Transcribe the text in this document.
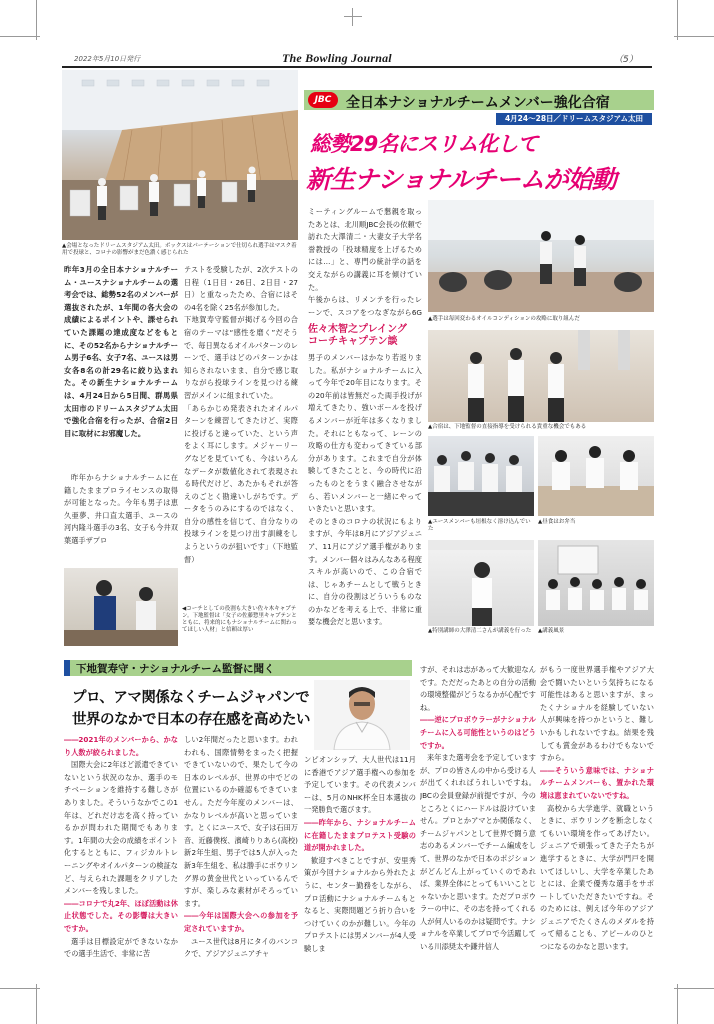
2022年5月10日発行	The Bowling Journal	（5）
▲会場となったドリームスタジアム太田。ボックスはパーテーションで仕切られ選手はマスク着用で投球と、コロナの影響がまだ色濃く感じられた
JBC	全日本ナショナルチームメンバー強化合宿
4月24～28日／ドリームスタジアム太田
総勢29名にスリム化して
新生ナショナルチームが始動
▲選手は毎回変わるオイルコンディションの攻略に取り組んだ
▲合宿は、下地監督の直接指導を受けられる貴重な機会でもある
▲ユースメンバーも垣根なく溶け込んでいた
▲昼食はお弁当
▲特別講師の大澤清二さんが講義を行った	▲講義風景
昨年3月の全日本ナショナルチーム・ユースナショナルチームの選考会では、総勢52名のメンバーが選抜されたが、1年間の各大会の成績によるポイントや、課せられていた課題の達成度などをもとに、その52名からナショナルチーム男子6名、女子7名、ユースは男女各8名の計29名に絞り込まれた。その新生ナショナルチームは、4月24日から5日間、群馬県太田市のドリームスタジアム太田で強化合宿を行ったが、合宿2日目に取材にお邪魔した。

昨年からナショナルチームに在籍したままプロライセンスの取得が可能となった。今年も男子は恵久亜夢、井口直太選手、ユースの河内隆斗選手の3名、女子も今井双葉選手ザプロ

テストを受験したが、2次テストの日程（1日目・26日、2日目・27日）と重なったため、合宿にはその4名を除く25名が参加した。
下地賀寿守監督が掲げる今回の合宿のテーマは“感性を磨く”だそうで、毎日異なるオイルパターンのレーンで、選手はどのパターンかは知らされないまま、自分で感じ取りながら投球ラインを見つける練習がメインに組まれていた。
「あらかじめ発表されたオイルパターンを練習してきたけど、実際に投げると違っていた、という声をよく耳にします。メジャーリーグなどを見ていても、今はいろんなデータが数値化されて表現される時代だけど、あたかもそれが答えのごとく勘違いしがちです。データをうのみにするのではなく、自分の感性を信じて、自分なりの投球ラインを見つけ出す訓練をしようというのが狙いです」（下地監督）
ミーティングルームで懇親を取ったあとは、北川順JBC会長の依頼で訪れた大澤清二・大妻女子大学名誉教授の「投球精度を上げるためには…」と、専門の統計学の話を交えながらの講義に耳を傾けていた。
午後からは、リメンテを行ったレーンで、スコアをつなぎながら6G
佐々木智之プレイング
コーチキャプテン談
男子のメンバーはかなり若返りました。私がナショナルチームに入って今年で20年目になります。その20年前は皆無だった両手投げが増えてきたり、強いボールを投げるメンバーが近年は多くなりました。それにともなって、レーンの攻略の仕方も変わってきている部分があります。これまで自分が体験してきたことと、今の時代に沿ったものとをうまく融合させながら、若いメンバーと一緒にやっていきたいと思います。
そのときのコロナの状況にもよりますが、今年は8月にアジアジュニア、11月にアジア選手権があります。メンバー個々はみんなある程度スキルが高いので、この合宿では、じゃあチームとして戦うときに、自分の役割はどういうものなのかなどを考える上で、非常に重要な機会だと思います。
◀コーチとしての役割も大きい佐々木キャプテン。下地監督は「女子の佐藤惣里キャプテンとともに、将来的にもナショナルチームに関わってほしい人材」と信頼は厚い
下地賀寿守・ナショナルチーム監督に聞く
プロ、アマ関係なくチームジャパンで
世界のなかで日本の存在感を高めたい
――2021年のメンバーから、かなり人数が絞られました。

国際大会に2年ほど派遣できていないという状況のなか、選手のモチベーションを維持する難しさがありました。そういうなかでこの1年は、どれだけ志を高く持っているかが問われた期間でもあります。1年間の大会の成績をポイント化するとともに、フィジカルトレーニングやオイルパターンの検証など、与えられた課題をクリアしたメンバーを残しました。

――コロナで丸2年、ほぼ活動は休止状態でした。その影響は大きいですか。

選手は目標設定ができないなかでの選手生活で、非常に苦

しい2年間だったと思います。われわれも、国際情勢をまったく把握できていないので、果たして今の日本のレベルが、世界の中でどの位置にいるのか確認もできていません。ただ今年度のメンバーは、かなりレベルが高いと思っています。とくにユースで、女子は石田万音、近藤僕桜、濱崎りりあら(高校)新2年生組、男子では5人が入った新3年生組を、私は勝手にボウリング界の黄金世代といっているんですが、楽しみな素材がそろっています。

――今年は国際大会への参加を予定されていますか。

ユース世代は8月にタイのバンコクで、アジアジュニアチャ

ンピオンシップ、大人世代は11月に香港でアジア選手権への参加を予定しています。その代表メンバーは、5月のNHK杯全日本選抜の一発勝負で選びます。

――昨年から、ナショナルチームに在籍したままプロテスト受験の道が開かれました。

歓迎すべきことですが、安里秀策が今回ナショナルから外れたように、センター勤務をしながら、プロ活動にナショナルチームもとなると、実際問題どう折り合いをつけていくのかが難しい。今年のプロテストには男メンバーが4人受験しま

すが、それは志があって大歓迎なんです。ただだったあとの自分の活動の環境整備がどうなるかが心配ですね。

――逆にプロボウラーがナショナルチームに入る可能性というのはどうですか。

来年また選考会を予定していますが、プロの皆さんの中から受ける人が出てくれればうれしいですね。JBCの会員登録が前提ですが、今のところとくにハードルは設けていません。プロとかアマとか関係なく、チームジャパンとして世界で闘う意志のあるメンバーでチーム編成をして、世界のなかで日本のポジションがどんどん上がっていくのであれば、業界全体にとってもいいことじゃないかと思います。ただプロボウラーの中に、その志を持ってくれる人が何人いるのかは疑問です。ナショナルを卒業してプロで今活躍している川添奨太や鎌井信人

がもう一度世界選手権やアジア大会で闘いたいという気持ちになる可能性はあると思いますが、まったくナショナルを経験していない人が興味を持つかというと、難しいかもしれないですね。結果を残しても賞金があるわけでもないですから。

――そういう意味では、ナショナルチームメンバーも、置かれた環境は恵まれていないですね。

高校から大学進学、就職というときに、ボウリングを断念しなくてもいい環境を作ってあげたい。ジュニアで頑張ってきた子たちが進学するときに、大学が門戸を開いてほしいし、大学を卒業したあとには、企業で優秀な選手をサポートしていただきたいですね。そのためには、例えば今年のアジアジュニアでたくさんのメダルを持って帰ることも、アピールのひとつになるのかなと思います。
